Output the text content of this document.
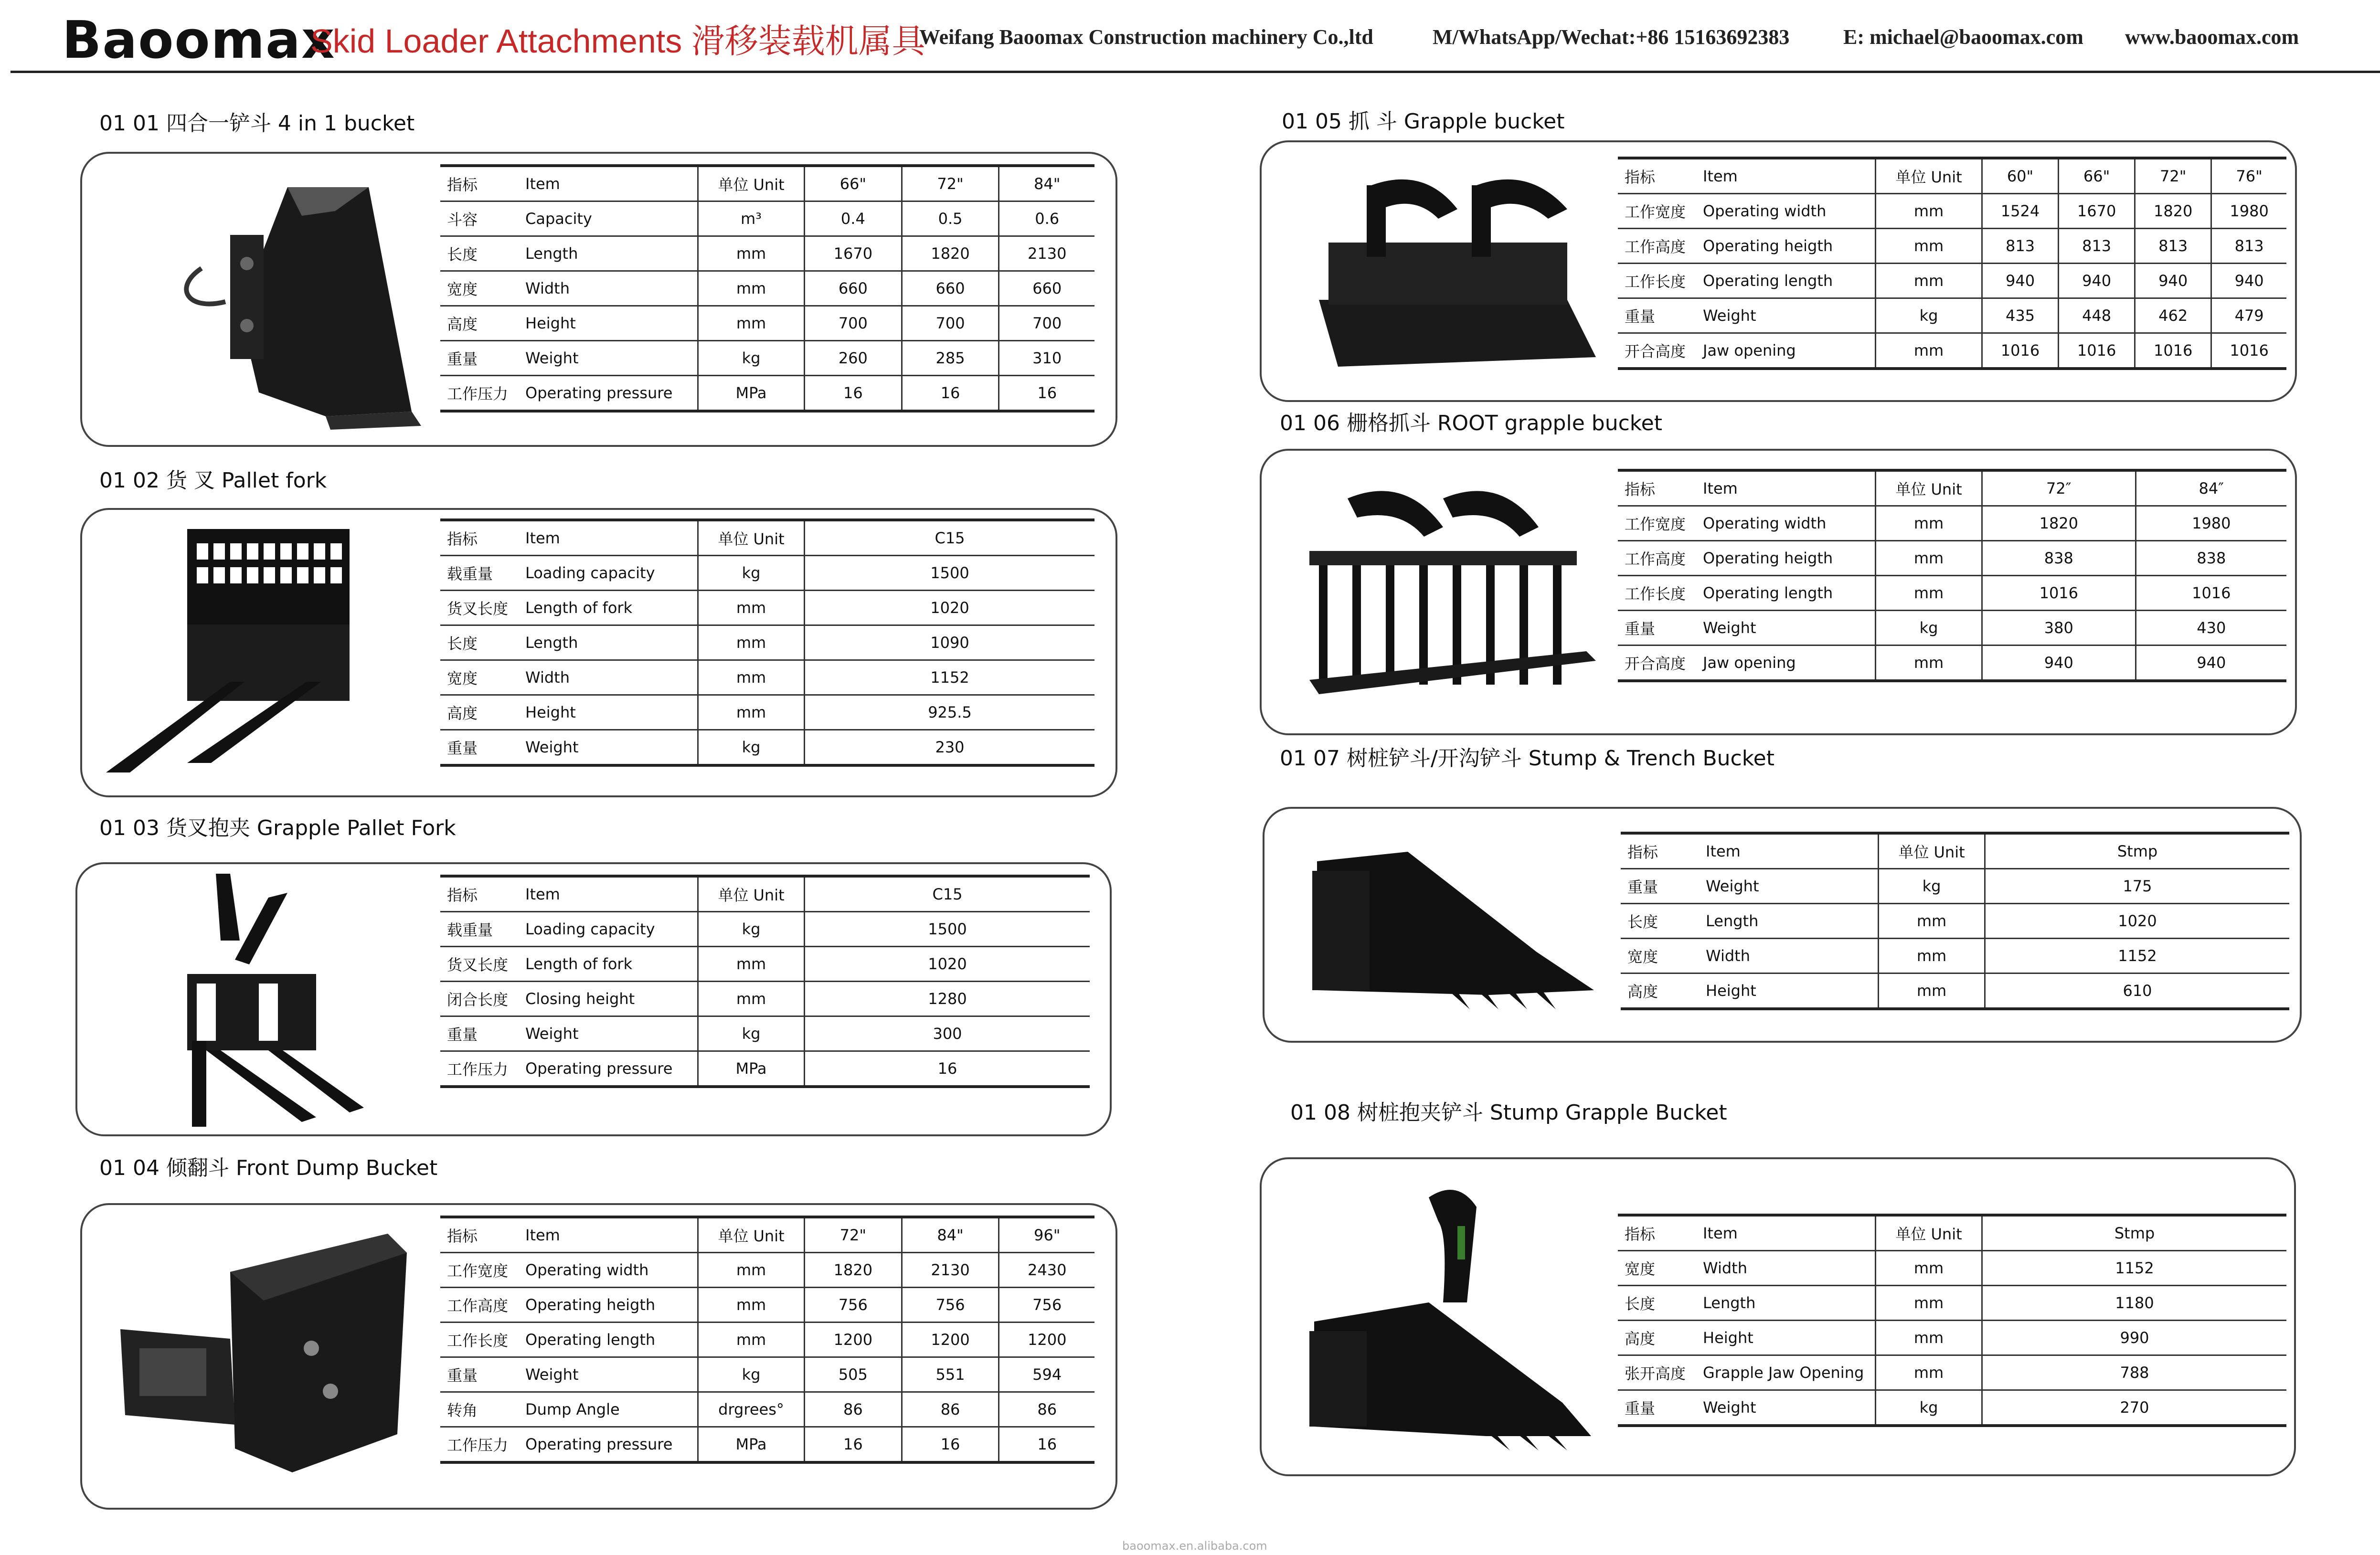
Baoomax
Skid Loader Attachments 滑移装载机属具
Weifang Baoomax Construction machinery Co.,ltd	M/WhatsApp/Wechat:+86 15163692383	E: michael@baoomax.com www.baoomax.com
01 01 四合一铲斗 4 in 1 bucket
指标	Item	单位 Unit	66"	72"	84"
斗容	Capacity	m³	0.4	0.5	0.6
长度	Length	mm	1670	1820	2130
宽度	Width	mm	660	660	660
高度	Height	mm	700	700	700
重量	Weight	kg	260	285	310
工作压力	Operating pressure	MPa	16	16	16
01 02 货 叉 Pallet fork
指标	Item	单位 Unit	C15
载重量	Loading capacity	kg	1500
货叉长度	Length of fork	mm	1020
长度	Length	mm	1090
宽度	Width	mm	1152
高度	Height	mm	925.5
重量	Weight	kg	230
01 03 货叉抱夹 Grapple Pallet Fork
指标	Item	单位 Unit	C15
载重量	Loading capacity	kg	1500
货叉长度	Length of fork	mm	1020
闭合长度	Closing height	mm	1280
重量	Weight	kg	300
工作压力	Operating pressure	MPa	16
01 04 倾翻斗 Front Dump Bucket
指标	Item	单位 Unit	72"	84"	96"
工作宽度	Operating width	mm	1820	2130	2430
工作高度	Operating heigth	mm	756	756	756
工作长度	Operating length	mm	1200	1200	1200
重量	Weight	kg	505	551	594
转角	Dump Angle	drgrees°	86	86	86
工作压力	Operating pressure	MPa	16	16	16
01 05 抓 斗 Grapple bucket
指标	Item	单位 Unit	60"	66"	72"	76"
工作宽度	Operating width	mm	1524	1670	1820	1980
工作高度	Operating heigth	mm	813	813	813	813
工作长度	Operating length	mm	940	940	940	940
重量	Weight	kg	435	448	462	479
开合高度	Jaw opening	mm	1016	1016	1016	1016
01 06 栅格抓斗 ROOT grapple bucket
指标	Item	单位 Unit	72″	84″
工作宽度	Operating width	mm	1820	1980
工作高度	Operating heigth	mm	838	838
工作长度	Operating length	mm	1016	1016
重量	Weight	kg	380	430
开合高度	Jaw opening	mm	940	940
01 07 树桩铲斗/开沟铲斗 Stump & Trench Bucket
指标	Item	单位 Unit	Stmp
重量	Weight	kg	175
长度	Length	mm	1020
宽度	Width	mm	1152
高度	Height	mm	610
01 08 树桩抱夹铲斗 Stump Grapple Bucket
指标	Item	单位 Unit	Stmp
宽度	Width	mm	1152
长度	Length	mm	1180
高度	Height	mm	990
张开高度	Grapple Jaw Opening	mm	788
重量	Weight	kg	270
baoomax.en.alibaba.com
